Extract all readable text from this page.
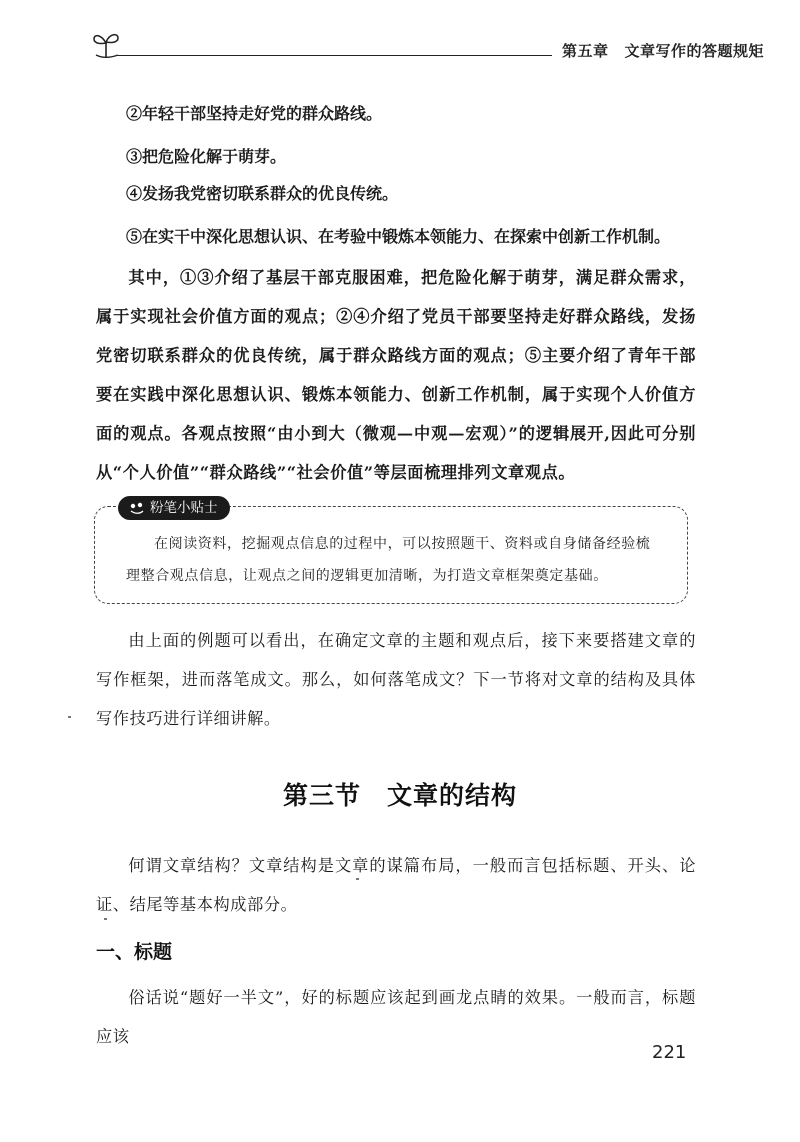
第五章 文章写作的答题规矩
②年轻干部坚持走好党的群众路线。
③把危险化解于萌芽。
④发扬我党密切联系群众的优良传统。
⑤在实干中深化思想认识、在考验中锻炼本领能力、在探索中创新工作机制。
其中，①③介绍了基层干部克服困难，把危险化解于萌芽，满足群众需求，属于实现社会价值方面的观点；②④介绍了党员干部要坚持走好群众路线，发扬党密切联系群众的优良传统，属于群众路线方面的观点；⑤主要介绍了青年干部要在实践中深化思想认识、锻炼本领能力、创新工作机制，属于实现个人价值方面的观点。各观点按照“由小到大（微观—中观—宏观）”的逻辑展开,因此可分别从“个人价值”“群众路线”“社会价值”等层面梳理排列文章观点。
粉笔小贴士
在阅读资料，挖掘观点信息的过程中，可以按照题干、资料或自身储备经验梳理整合观点信息，让观点之间的逻辑更加清晰，为打造文章框架奠定基础。
由上面的例题可以看出，在确定文章的主题和观点后，接下来要搭建文章的写作框架，进而落笔成文。那么，如何落笔成文？下一节将对文章的结构及具体写作技巧进行详细讲解。
第三节 文章的结构
何谓文章结构？文章结构是文章的谋篇布局，一般而言包括标题、开头、论证、结尾等基本构成部分。
一、标题
俗话说“题好一半文”，好的标题应该起到画龙点睛的效果。一般而言，标题应该
221
